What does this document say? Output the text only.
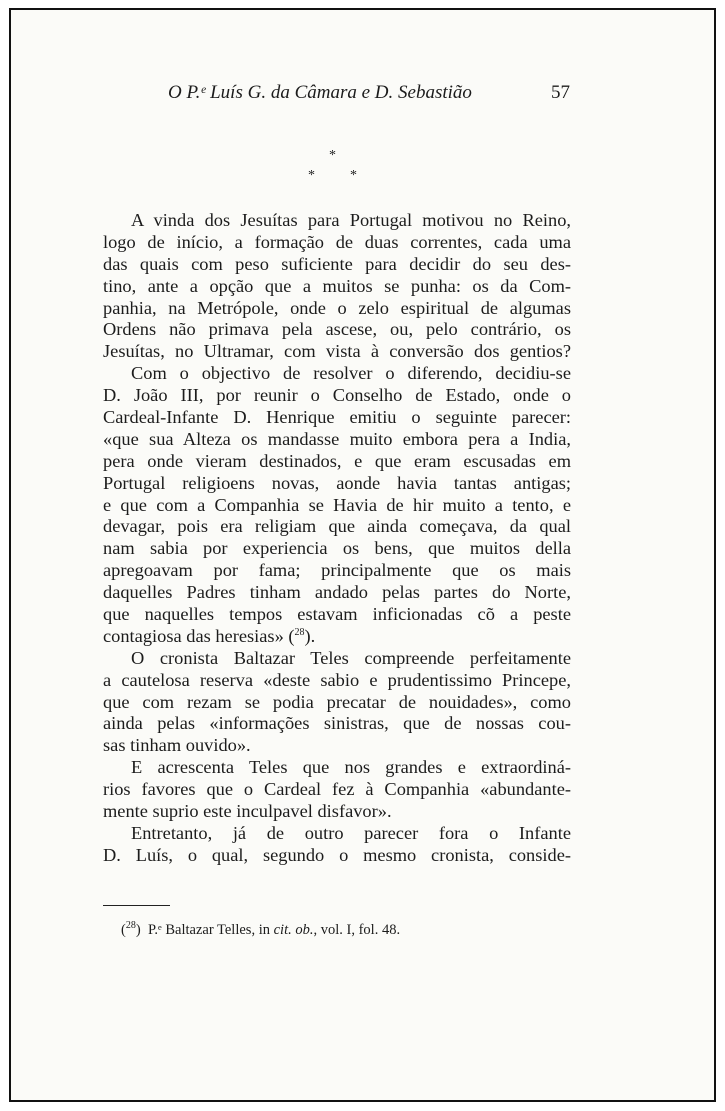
O P.ᵉ Luís G. da Câmara e D. Sebastião	57
*
*	*
A vinda dos Jesuítas para Portugal motivou no Reino,
logo de início, a formação de duas correntes, cada uma
das quais com peso suficiente para decidir do seu des-
tino, ante a opção que a muitos se punha: os da Com-
panhia, na Metrópole, onde o zelo espiritual de algumas
Ordens não primava pela ascese, ou, pelo contrário, os
Jesuítas, no Ultramar, com vista à conversão dos gentios?
Com o objectivo de resolver o diferendo, decidiu-se
D. João III, por reunir o Conselho de Estado, onde o
Cardeal-Infante D. Henrique emitiu o seguinte parecer:
«que sua Alteza os mandasse muito embora pera a India,
pera onde vieram destinados, e que eram escusadas em
Portugal religioens novas, aonde havia tantas antigas;
e que com a Companhia se Havia de hir muito a tento, e
devagar, pois era religiam que ainda começava, da qual
nam sabia por experiencia os bens, que muitos della
apregoavam por fama; principalmente que os mais
daquelles Padres tinham andado pelas partes do Norte,
que naquelles tempos estavam inficionadas cõ a peste
contagiosa das heresias» ($^{28}$).
O cronista Baltazar Teles compreende perfeitamente
a cautelosa reserva «deste sabio e prudentissimo Princepe,
que com rezam se podia precatar de nouidades», como
ainda pelas «informações sinistras, que de nossas cou-
sas tinham ouvido».
E acrescenta Teles que nos grandes e extraordiná-
rios favores que o Cardeal fez à Companhia «abundante-
mente suprio este inculpavel disfavor».
Entretanto, já de outro parecer fora o Infante
D. Luís, o qual, segundo o mesmo cronista, conside-
($^{28}$) P.ᵉ Baltazar Telles, in cit. ob., vol. I, fol. 48.
